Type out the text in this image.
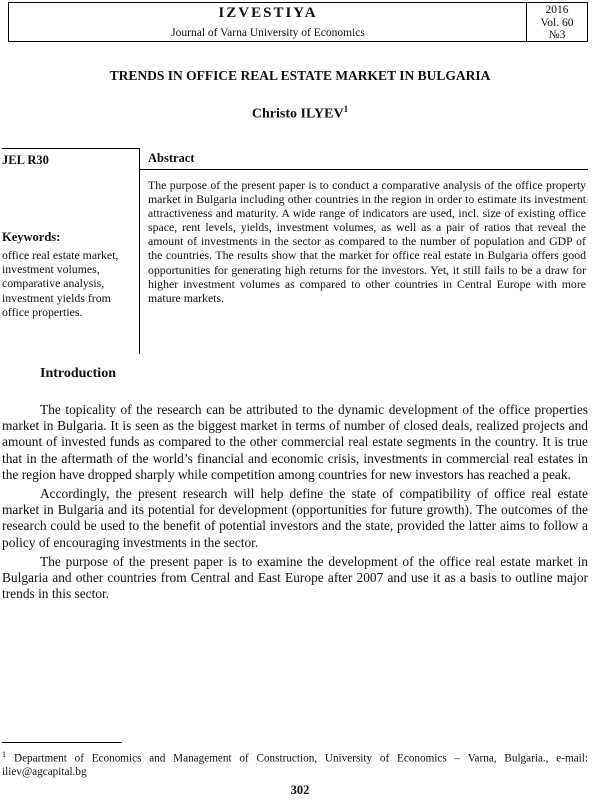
IZVESTIYA
Journal of Varna University of Economics
2016
Vol. 60
№3
TRENDS IN OFFICE REAL ESTATE MARKET IN BULGARIA
Christo ILYEV$^1$
JEL R30
Keywords:
office real estate market, investment volumes, comparative analysis, investment yields from office properties.
Abstract
The purpose of the present paper is to conduct a comparative analysis of the office property market in Bulgaria including other countries in the region in order to estimate its investment attractiveness and maturity. A wide range of indicators are used, incl. size of existing office space, rent levels, yields, investment volumes, as well as a pair of ratios that reveal the amount of investments in the sector as compared to the number of population and GDP of the countries. The results show that the market for office real estate in Bulgaria offers good opportunities for generating high returns for the investors. Yet, it still fails to be a draw for higher investment volumes as compared to other countries in Central Europe with more mature markets.
Introduction

The topicality of the research can be attributed to the dynamic development of the office properties market in Bulgaria. It is seen as the biggest market in terms of number of closed deals, realized projects and amount of invested funds as compared to the other commercial real estate segments in the country. It is true that in the aftermath of the world’s financial and economic crisis, investments in commercial real estates in the region have dropped sharply while competition among countries for new investors has reached a peak.

Accordingly, the present research will help define the state of compatibility of office real estate market in Bulgaria and its potential for development (opportunities for future growth). The outcomes of the research could be used to the benefit of potential investors and the state, provided the latter aims to follow a policy of encouraging investments in the sector.

The purpose of the present paper is to examine the development of the office real estate market in Bulgaria and other countries from Central and East Europe after 2007 and use it as a basis to outline major trends in this sector.

$^1$ Department of Economics and Management of Construction, University of Economics – Varna, Bulgaria., e-mail: iliev@agcapital.bg
302
